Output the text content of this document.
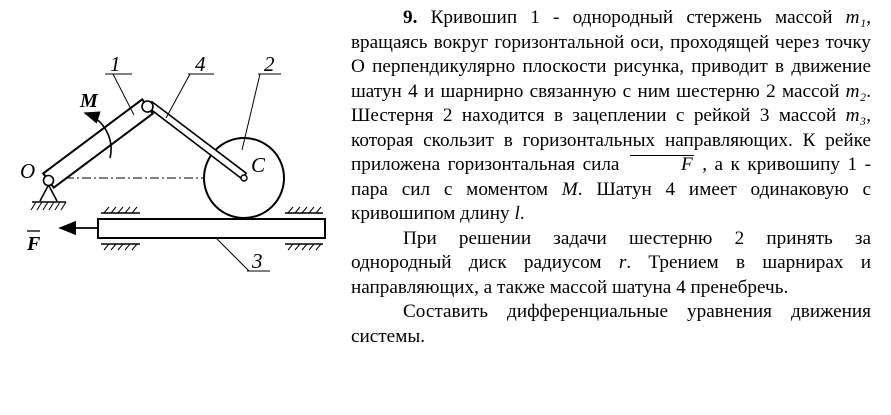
1	4	2
3
O	C
M
F

9. Кривошип 1 - однородный стержень массой m₁, вращаясь вокруг горизонтальной оси, проходящей через точку O перпендикулярно плоскости рисунка, приводит в движение шатун 4 и шарнирно связанную с ним шестерню 2 массой m₂. Шестерня 2 находится в зацеплении с рейкой 3 массой m₃, которая скользит в горизонтальных направляющих. К рейке приложена горизонтальная сила	F , а к кривошипу 1 - пара сил с моментом M. Шатун 4 имеет одинаковую с кривошипом длину l.

При решении задачи шестерню 2 принять за однородный диск радиусом r. Трением в шарнирах и направляющих, а также массой шатуна 4 пренебречь.

Составить дифференциальные уравнения движения системы.
